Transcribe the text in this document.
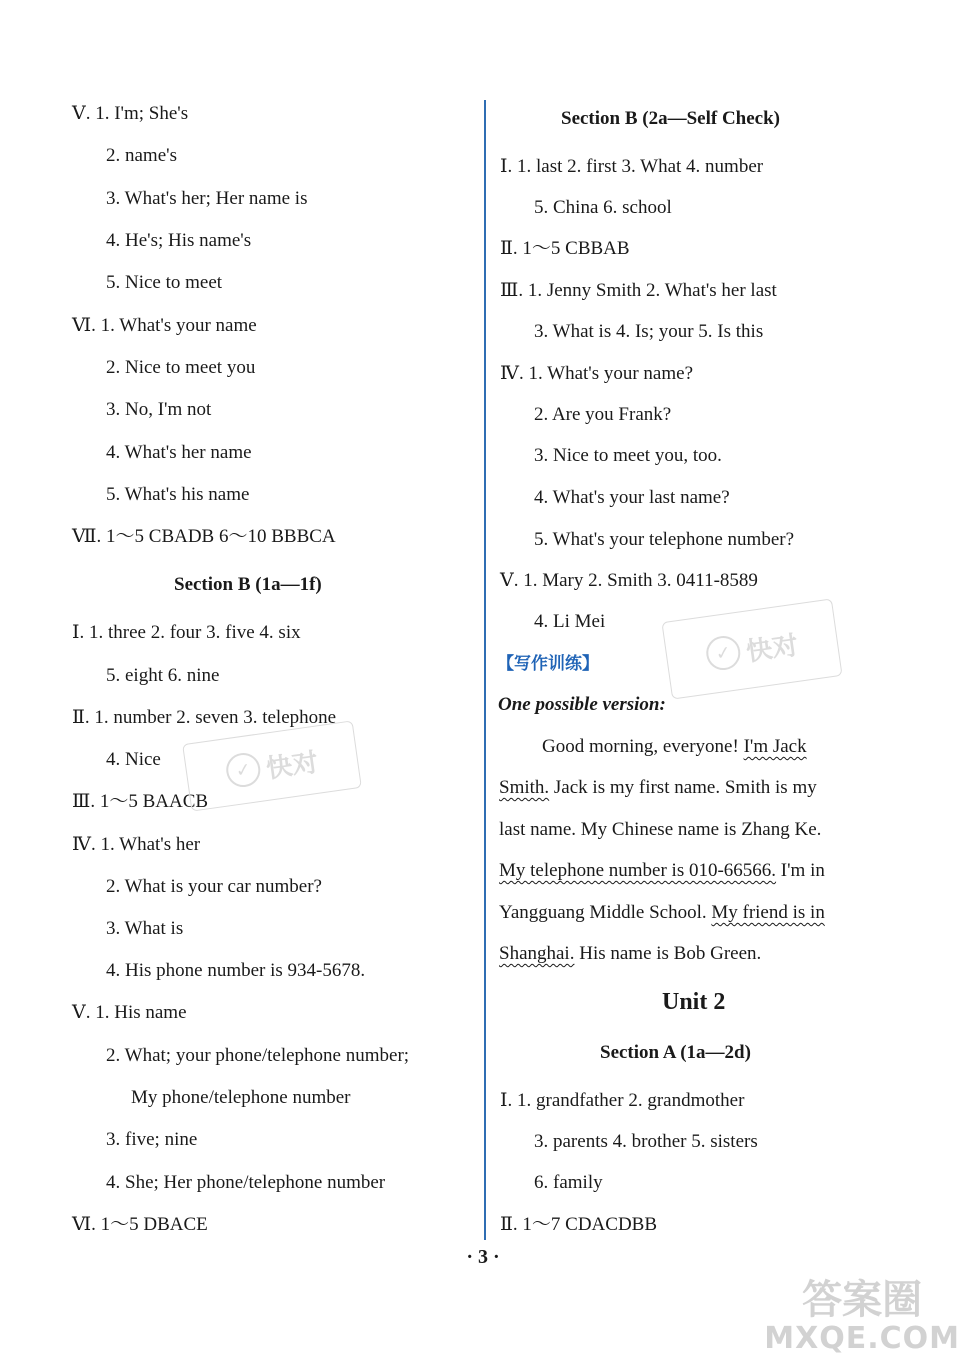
Ⅴ. 1. I'm; She's
2. name's
3. What's her; Her name is
4. He's; His name's
5. Nice to meet
Ⅵ. 1. What's your name
2. Nice to meet you
3. No, I'm not
4. What's her name
5. What's his name
Ⅶ. 1～5 CBADB 6～10 BBBCA
Section B (1a—1f)
Ⅰ. 1. three 2. four 3. five 4. six
5. eight 6. nine
Ⅱ. 1. number 2. seven 3. telephone
4. Nice
Ⅲ. 1～5 BAACB
Ⅳ. 1. What's her
2. What is your car number?
3. What is
4. His phone number is 934-5678.
Ⅴ. 1. His name
2. What; your phone/telephone number;
My phone/telephone number
3. five; nine
4. She; Her phone/telephone number
Ⅵ. 1～5 DBACE
Section B (2a—Self Check)
Ⅰ. 1. last 2. first 3. What 4. number
5. China 6. school
Ⅱ. 1～5 CBBAB
Ⅲ. 1. Jenny Smith 2. What's her last
3. What is 4. Is; your 5. Is this
Ⅳ. 1. What's your name?
2. Are you Frank?
3. Nice to meet you, too.
4. What's your last name?
5. What's your telephone number?
Ⅴ. 1. Mary 2. Smith 3. 0411-8589
4. Li Mei
【写作训练】
One possible version:
Good morning, everyone! I'm Jack
Smith. Jack is my first name. Smith is my
last name. My Chinese name is Zhang Ke.
My telephone number is 010-66566. I'm in
Yangguang Middle School. My friend is in
Shanghai. His name is Bob Green.
Unit 2
Section A (1a—2d)
Ⅰ. 1. grandfather 2. grandmother
3. parents 4. brother 5. sisters
6. family
Ⅱ. 1～7 CDACDBB
✓ 快对
✓ 快对
· 3 ·
答案圈
MXQE.COM
